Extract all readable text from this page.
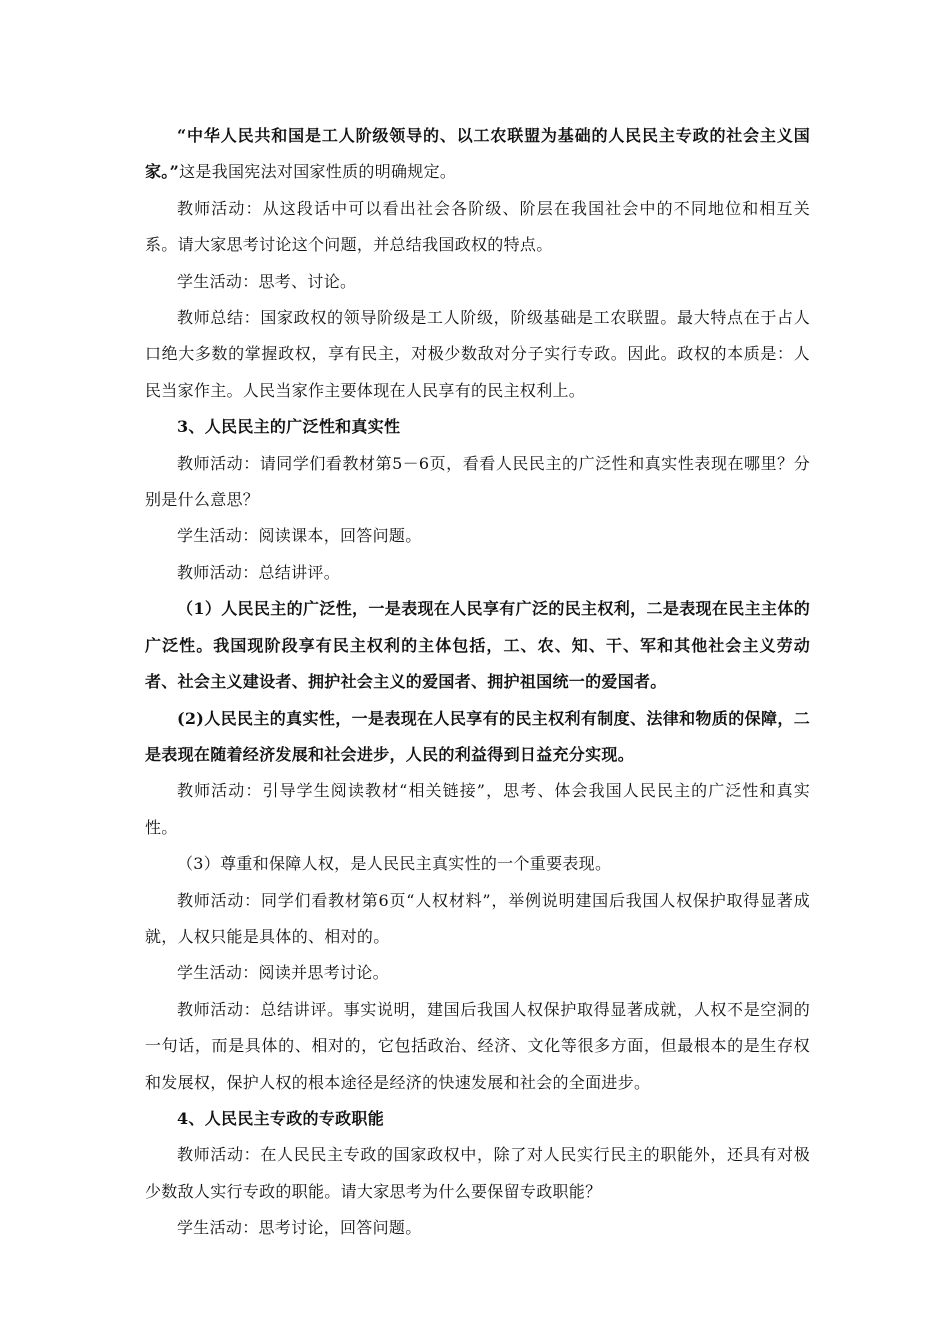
“中华人民共和国是工人阶级领导的、以工农联盟为基础的人民民主专政的社会主义国家。”这是我国宪法对国家性质的明确规定。

教师活动：从这段话中可以看出社会各阶级、阶层在我国社会中的不同地位和相互关系。请大家思考讨论这个问题，并总结我国政权的特点。

学生活动：思考、讨论。

教师总结：国家政权的领导阶级是工人阶级，阶级基础是工农联盟。最大特点在于占人口绝大多数的掌握政权，享有民主，对极少数敌对分子实行专政。因此。政权的本质是：人民当家作主。人民当家作主要体现在人民享有的民主权利上。

3、人民民主的广泛性和真实性

教师活动：请同学们看教材第5－6页，看看人民民主的广泛性和真实性表现在哪里？分别是什么意思？

学生活动：阅读课本，回答问题。

教师活动：总结讲评。

（1）人民民主的广泛性，一是表现在人民享有广泛的民主权利，二是表现在民主主体的广泛性。我国现阶段享有民主权利的主体包括，工、农、知、干、军和其他社会主义劳动者、社会主义建设者、拥护社会主义的爱国者、拥护祖国统一的爱国者。

(2)人民民主的真实性，一是表现在人民享有的民主权利有制度、法律和物质的保障，二是表现在随着经济发展和社会进步，人民的利益得到日益充分实现。

教师活动：引导学生阅读教材“相关链接”，思考、体会我国人民民主的广泛性和真实性。

（3）尊重和保障人权，是人民民主真实性的一个重要表现。

教师活动：同学们看教材第6页“人权材料”，举例说明建国后我国人权保护取得显著成就，人权只能是具体的、相对的。

学生活动：阅读并思考讨论。

教师活动：总结讲评。事实说明，建国后我国人权保护取得显著成就，人权不是空洞的一句话，而是具体的、相对的，它包括政治、经济、文化等很多方面，但最根本的是生存权和发展权，保护人权的根本途径是经济的快速发展和社会的全面进步。

4、人民民主专政的专政职能

教师活动：在人民民主专政的国家政权中，除了对人民实行民主的职能外，还具有对极少数敌人实行专政的职能。请大家思考为什么要保留专政职能？

学生活动：思考讨论，回答问题。
